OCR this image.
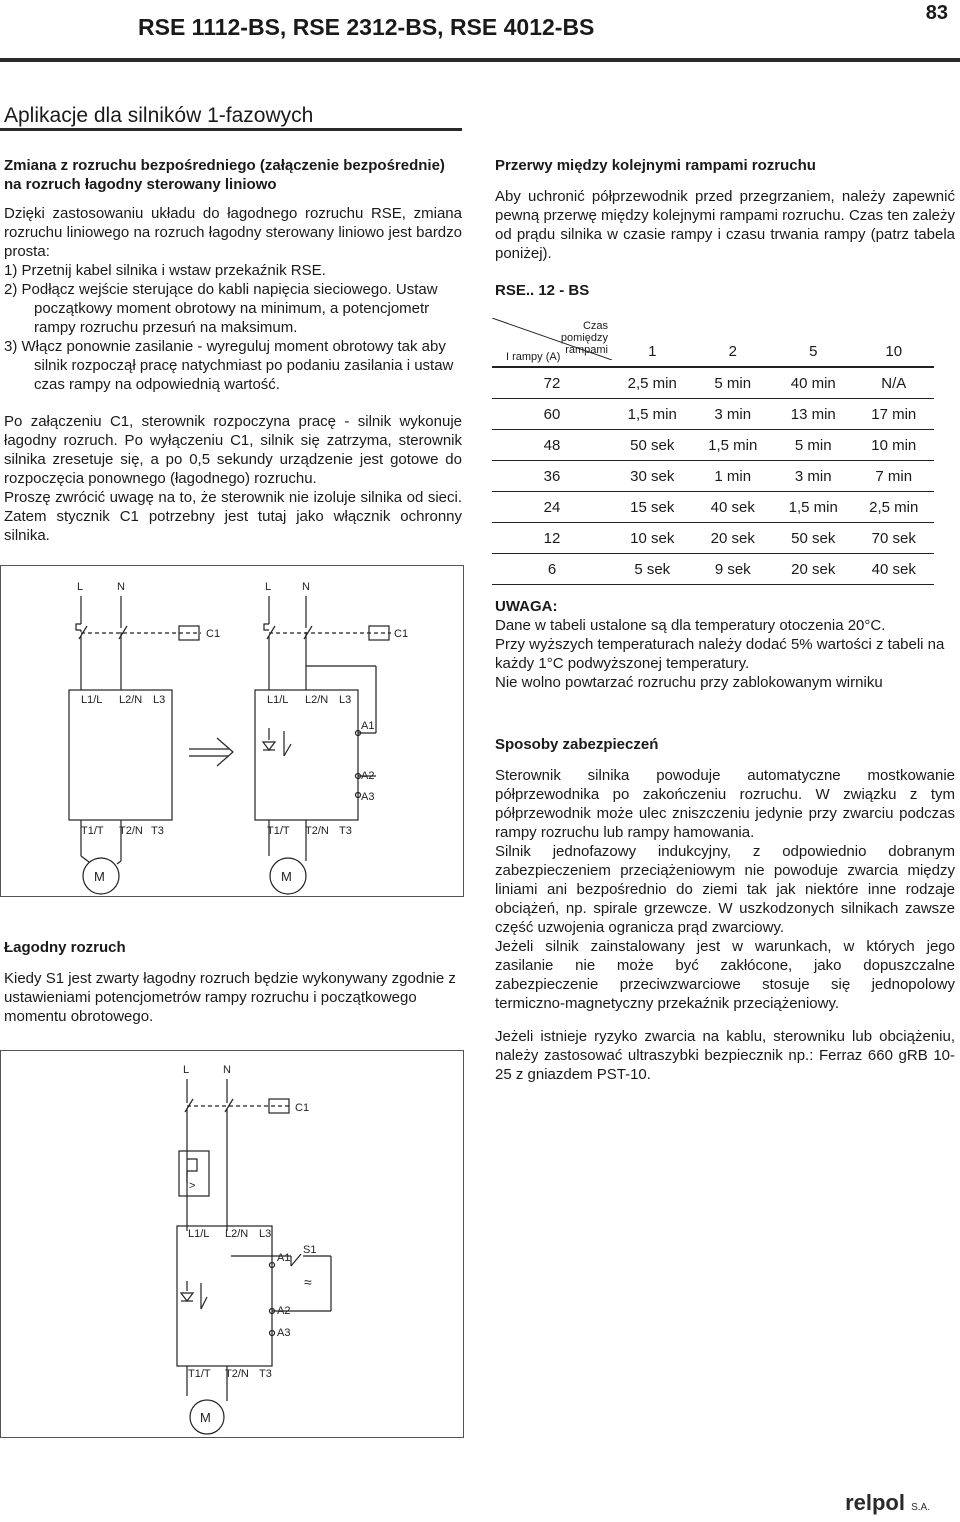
RSE 1112-BS, RSE 2312-BS, RSE 4012-BS
83
Aplikacje dla silników 1-fazowych

Zmiana z rozruchu bezpośredniego (załączenie bezpośrednie) na rozruch łagodny sterowany liniowo

Dzięki zastosowaniu układu do łagodnego rozruchu RSE, zmiana rozruchu liniowego na rozruch łagodny sterowany liniowo jest bardzo prosta:

1) Przetnij kabel silnika i wstaw przekaźnik RSE.

2) Podłącz wejście sterujące do kabli napięcia sieciowego. Ustaw początkowy moment obrotowy na minimum, a potencjometr rampy rozruchu przesuń na maksimum.

3) Włącz ponownie zasilanie - wyreguluj moment obrotowy tak aby silnik rozpoczął pracę natychmiast po podaniu zasilania i ustaw czas rampy na odpowiednią wartość.

Po załączeniu C1, sterownik rozpoczyna pracę - silnik wykonuje łagodny rozruch. Po wyłączeniu C1, silnik się zatrzyma, sterownik silnika zresetuje się, a po 0,5 sekundy urządzenie jest gotowe do rozpoczęcia ponownego (łagodnego) rozruchu.

Proszę zwrócić uwagę na to, że sterownik nie izoluje silnika od sieci. Zatem stycznik C1 potrzebny jest tutaj jako włącznik ochronny silnika.

L	N
C1
L1/L L2/N L3
T1/T T2/N T3
M
L	N
C1
L1/L L2/N L3
A1
A2
A3
T1/T T2/N T3
M

Łagodny rozruch

Kiedy S1 jest zwarty łagodny rozruch będzie wykonywany zgodnie z ustawieniami potencjometrów rampy rozruchu i początkowego momentu obrotowego.

L	N
C1
>
L1/L L2/N L3
A1
S1
≈
A2
A3
T1/T T2/N T3
M

Przerwy między kolejnymi rampami rozruchu

Aby uchronić półprzewodnik przed przegrzaniem, należy zapewnić pewną przerwę między kolejnymi rampami rozruchu. Czas ten zależy od prądu silnika w czasie rampy i czasu trwania rampy (patrz tabela poniżej).

RSE.. 12 - BS

Czas pomiędzy rampami
I rampy (A)	1	2	5	10
72	2,5 min	5 min	40 min	N/A
60	1,5 min	3 min	13 min	17 min
48	50 sek	1,5 min	5 min	10 min
36	30 sek	1 min	3 min	7 min
24	15 sek	40 sek	1,5 min	2,5 min
12	10 sek	20 sek	50 sek	70 sek
6	5 sek	9 sek	20 sek	40 sek

UWAGA:

Dane w tabeli ustalone są dla temperatury otoczenia 20°C.

Przy wyższych temperaturach należy dodać 5% wartości z tabeli na każdy 1°C podwyższonej temperatury.

Nie wolno powtarzać rozruchu przy zablokowanym wirniku

Sposoby zabezpieczeń

Sterownik silnika powoduje automatyczne mostkowanie półprzewodnika po zakończeniu rozruchu. W związku z tym półprzewodnik może ulec zniszczeniu jedynie przy zwarciu podczas rampy rozruchu lub rampy hamowania.

Silnik jednofazowy indukcyjny, z odpowiednio dobranym zabezpieczeniem przeciążeniowym nie powoduje zwarcia między liniami ani bezpośrednio do ziemi tak jak niektóre inne rodzaje obciążeń, np. spirale grzewcze. W uszkodzonych silnikach zawsze część uzwojenia ogranicza prąd zwarciowy.

Jeżeli silnik zainstalowany jest w warunkach, w których jego zasilanie nie może być zakłócone, jako dopuszczalne zabezpieczenie przeciwzwarciowe stosuje się jednopolowy termiczno-magnetyczny przekaźnik przeciążeniowy.

Jeżeli istnieje ryzyko zwarcia na kablu, sterowniku lub obciążeniu, należy zastosować ultraszybki bezpiecznik np.: Ferraz 660 gRB 10-25 z gniazdem PST-10.

relpol S.A.
